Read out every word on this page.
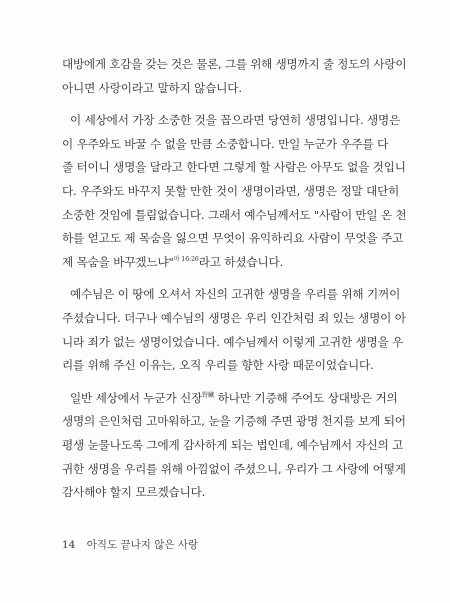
대방에게 호감을 갖는 것은 물론, 그를 위해 생명까지 줄 정도의 사랑이
아니면 사랑이라고 말하지 않습니다.
이 세상에서 가장 소중한 것을 꼽으라면 당연히 생명입니다. 생명은
이 우주와도 바꿀 수 없을 만큼 소중합니다. 만일 누군가 우주를 다
줄 터이니 생명을 달라고 한다면 그렇게 할 사람은 아무도 없을 것입니
다. 우주와도 바꾸지 못할 만한 것이 생명이라면, 생명은 정말 대단히
소중한 것임에 틀림없습니다. 그래서 예수님께서도 "사람이 만일 온 천
하를 얻고도 제 목숨을 잃으면 무엇이 유익하리요 사람이 무엇을 주고
제 목숨을 바꾸겠느냐"$^{마 16:26}$라고 하셨습니다.
예수님은 이 땅에 오셔서 자신의 고귀한 생명을 우리를 위해 기꺼이
주셨습니다. 더구나 예수님의 생명은 우리 인간처럼 죄 있는 생명이 아
니라 죄가 없는 생명이었습니다. 예수님께서 이렇게 고귀한 생명을 우
리를 위해 주신 이유는, 오직 우리를 향한 사랑 때문이었습니다.
일반 세상에서 누군가 신장$^{腎臟}$ 하나만 기증해 주어도 상대방은 거의
생명의 은인처럼 고마워하고, 눈을 기증해 주면 광명 천지를 보게 되어
평생 눈물나도록 그에게 감사하게 되는 법인데, 예수님께서 자신의 고
귀한 생명을 우리를 위해 아낌없이 주셨으니, 우리가 그 사랑에 어떻게
감사해야 할지 모르겠습니다.
14 아직도 끝나지 않은 사랑
